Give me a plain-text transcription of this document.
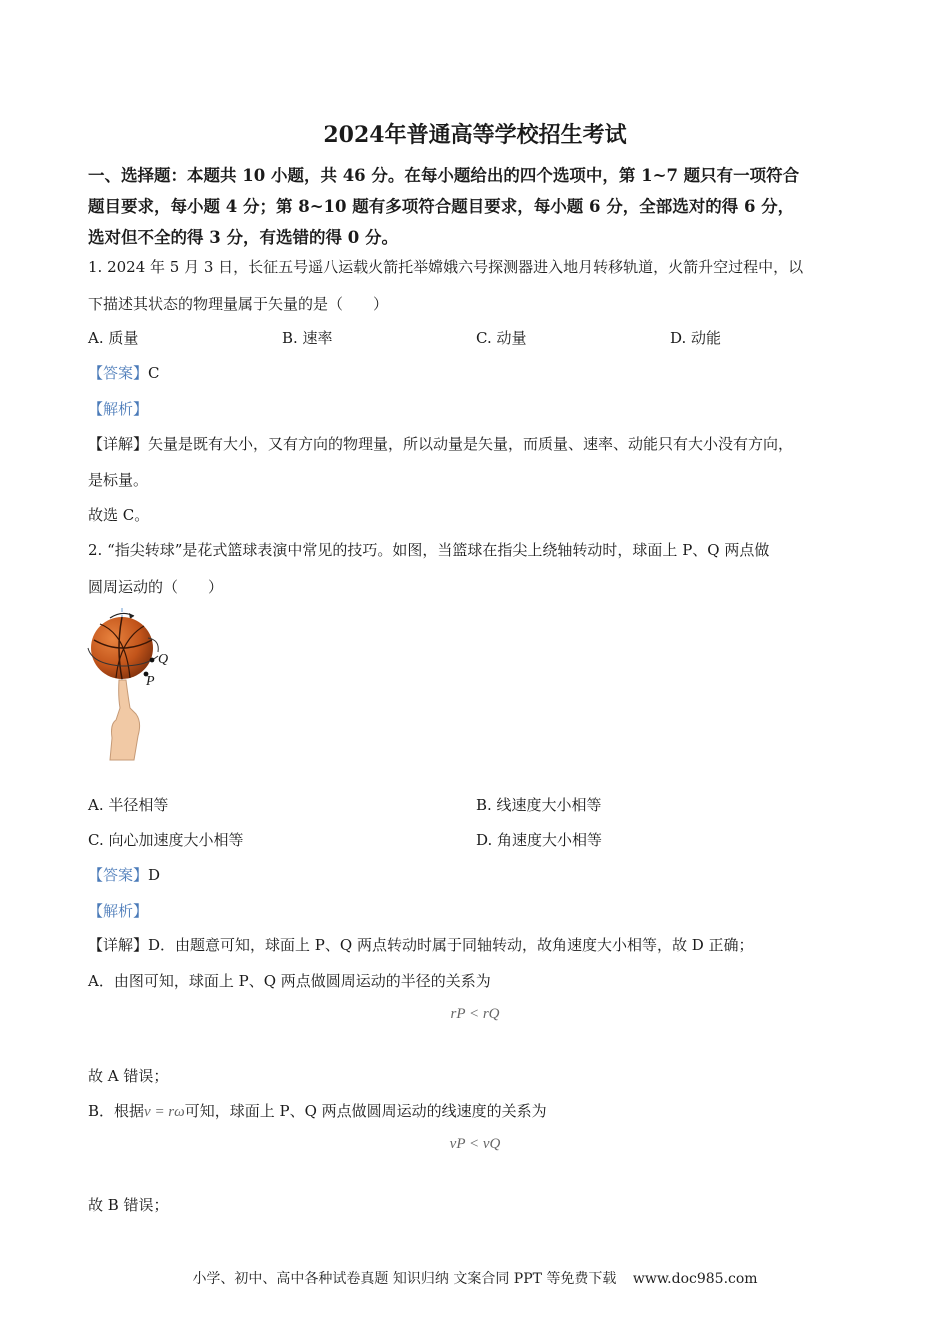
2024年普通高等学校招生考试
一、选择题：本题共 10 小题，共 46 分。在每小题给出的四个选项中，第 1~7 题只有一项符合
题目要求，每小题 4 分；第 8~10 题有多项符合题目要求，每小题 6 分，全部选对的得 6 分，
选对但不全的得 3 分，有选错的得 0 分。
1. 2024 年 5 月 3 日，长征五号遥八运载火箭托举嫦娥六号探测器进入地月转移轨道，火箭升空过程中，以
下描述其状态的物理量属于矢量的是（　　）
A. 质量	B. 速率	C. 动量	D. 动能
【答案】C
【解析】
【详解】矢量是既有大小，又有方向的物理量，所以动量是矢量，而质量、速率、动能只有大小没有方向，
是标量。
故选 C。
2. “指尖转球”是花式篮球表演中常见的技巧。如图，当篮球在指尖上绕轴转动时，球面上 P、Q 两点做
圆周运动的（　　）
Q
P
A. 半径相等	B. 线速度大小相等
C. 向心加速度大小相等	D. 角速度大小相等
【答案】D
【解析】
【详解】D．由题意可知，球面上 P、Q 两点转动时属于同轴转动，故角速度大小相等，故 D 正确；
A．由图可知，球面上 P、Q 两点做圆周运动的半径的关系为
rP < rQ
故 A 错误；
B．根据v = rω可知，球面上 P、Q 两点做圆周运动的线速度的关系为
vP < vQ
故 B 错误；
小学、初中、高中各种试卷真题 知识归纳 文案合同 PPT 等免费下载 www.doc985.com
